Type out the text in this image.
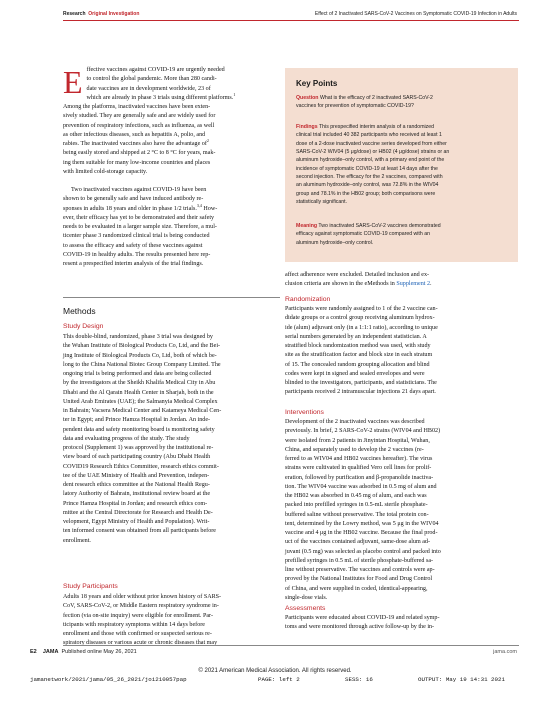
Research Original Investigation	Effect of 2 Inactivated SARS-CoV-2 Vaccines on Symptomatic COVID-19 Infection in Adults
E ffective vaccines against COVID-19 are urgently needed
to control the global pandemic. More than 280 candi-
date vaccines are in development worldwide, 23 of
which are already in phase 3 trials using different platforms.$^1$
Among the platforms, inactivated vaccines have been exten-
sively studied. They are generally safe and are widely used for
prevention of respiratory infections, such as influenza, as well
as other infectious diseases, such as hepatitis A, polio, and
rabies. The inactivated vaccines also have the advantage $of^2$
being easily stored and shipped at 2 °C to 8 °C for years, mak-
ing them suitable for many low-income countries and places
with limited cold-storage capacity.
Two inactivated vaccines against COVID-19 have been
shown to be generally safe and have induced antibody re-
sponses in adults 18 years and older in phase 1/2 trials.$^{3,4}$ How-
ever, their efficacy has yet to be demonstrated and their safety
needs to be evaluated in a larger sample size. Therefore, a mul-
ticenter phase 3 randomized clinical trial is being conducted
to assess the efficacy and safety of these vaccines against
COVID-19 in healthy adults. The results presented here rep-
resent a prespecified interim analysis of the trial findings.
Methods
Study Design
This double-blind, randomized, phase 3 trial was designed by
the Wuhan Institute of Biological Products Co, Ltd, and the Bei-
jing Institute of Biological Products Co, Ltd, both of which be-
long to the China National Biotec Group Company Limited. The
ongoing trial is being performed and data are being collected
by the investigators at the Sheikh Khalifa Medical City in Abu
Dhabi and the Al Qarain Health Center in Sharjah, both in the
United Arab Emirates (UAE); the Salmanyia Medical Complex
in Bahrain; Vacsera Medical Center and Katameya Medical Cen-
ter in Egypt; and Prince Hamza Hospital in Jordan. An inde-
pendent data and safety monitoring board is monitoring safety
data and evaluating progress of the study. The study
protocol (Supplement 1) was approved by the institutional re-
view board of each participating country (Abu Dhabi Health
COVID19 Research Ethics Committee, research ethics commit-
tee of the UAE Ministry of Health and Prevention, indepen-
dent research ethics committee at the National Health Regu-
latory Authority of Bahrain, institutional review board at the
Prince Hamza Hospital in Jordan; and research ethics com-
mittee at the Central Directorate for Research and Health De-
velopment, Egypt Ministry of Health and Population). Writ-
ten informed consent was obtained from all participants before
enrollment.
Study Participants
Adults 18 years and older without prior known history of SARS-
CoV, SARS-CoV-2, or Middle Eastern respiratory syndrome in-
fection (via on-site inquiry) were eligible for enrollment. Par-
ticipants with respiratory symptoms within 14 days before
enrollment and those with confirmed or suspected serious re-
spiratory diseases or various acute or chronic diseases that may
Key Points
Question What is the efficacy of 2 inactivated SARS-CoV-2
vaccines for prevention of symptomatic COVID-19?
Findings This prespecified interim analysis of a randomized
clinical trial included 40 382 participants who received at least 1
dose of a 2-dose inactivated vaccine series developed from either
SARS-CoV-2 WIV04 (5 μg/dose) or HB02 (4 μg/dose) strains or an
aluminum hydroxide–only control, with a primary end point of the
incidence of symptomatic COVID-19 at least 14 days after the
second injection. The efficacy for the 2 vaccines, compared with
an aluminum hydroxide–only control, was 72.8% in the WIV04
group and 78.1% in the HB02 group; both comparisons were
statistically significant.
Meaning Two inactivated SARS-CoV-2 vaccines demonstrated
efficacy against symptomatic COVID-19 compared with an
aluminum hydroxide–only control.
affect adherence were excluded. Detailed inclusion and ex-
clusion criteria are shown in the eMethods in Supplement 2.
Randomization
Participants were randomly assigned to 1 of the 2 vaccine can-
didate groups or a control group receiving aluminum hydrox-
ide (alum) adjuvant only (in a 1:1:1 ratio), according to unique
serial numbers generated by an independent statistician. A
stratified block randomization method was used, with study
site as the stratification factor and block size in each stratum
of 15. The concealed random grouping allocation and blind
codes were kept in signed and sealed envelopes and were
blinded to the investigators, participants, and statisticians. The
participants received 2 intramuscular injections 21 days apart.
Interventions
Development of the 2 inactivated vaccines was described
previously. In brief, 2 SARS-CoV-2 strains (WIV04 and HB02)
were isolated from 2 patients in Jinyintan Hospital, Wuhan,
China, and separately used to develop the 2 vaccines (re-
ferred to as WIV04 and HB02 vaccines hereafter). The virus
strains were cultivated in qualified Vero cell lines for prolif-
eration, followed by purification and β-propanolide inactiva-
tion. The WIV04 vaccine was adsorbed in 0.5 mg of alum and
the HB02 was absorbed in 0.45 mg of alum, and each was
packed into prefilled syringes in 0.5-mL sterile phosphate-
buffered saline without preservative. The total protein con-
tent, determined by the Lowry method, was 5 μg in the WIV04
vaccine and 4 μg in the HB02 vaccine. Because the final prod-
uct of the vaccines contained adjuvant, same-dose alum ad-
juvant (0.5 mg) was selected as placebo control and packed into
prefilled syringes in 0.5 mL of sterile phosphate-buffered sa-
line without preservative. The vaccines and controls were ap-
proved by the National Institutes for Food and Drug Control
of China, and were supplied in coded, identical-appearing,
single-dose vials.
Assessments
Participants were educated about COVID-19 and related symp-
toms and were monitored through active follow-up by the in-
E2 JAMA Published online May 26, 2021	jama.com
© 2021 American Medical Association. All rights reserved.
jamanetwork/2021/jama/05_26_2021/joi210057pap	PAGE: left 2	SESS: 16	OUTPUT: May 19 14:31 2021
